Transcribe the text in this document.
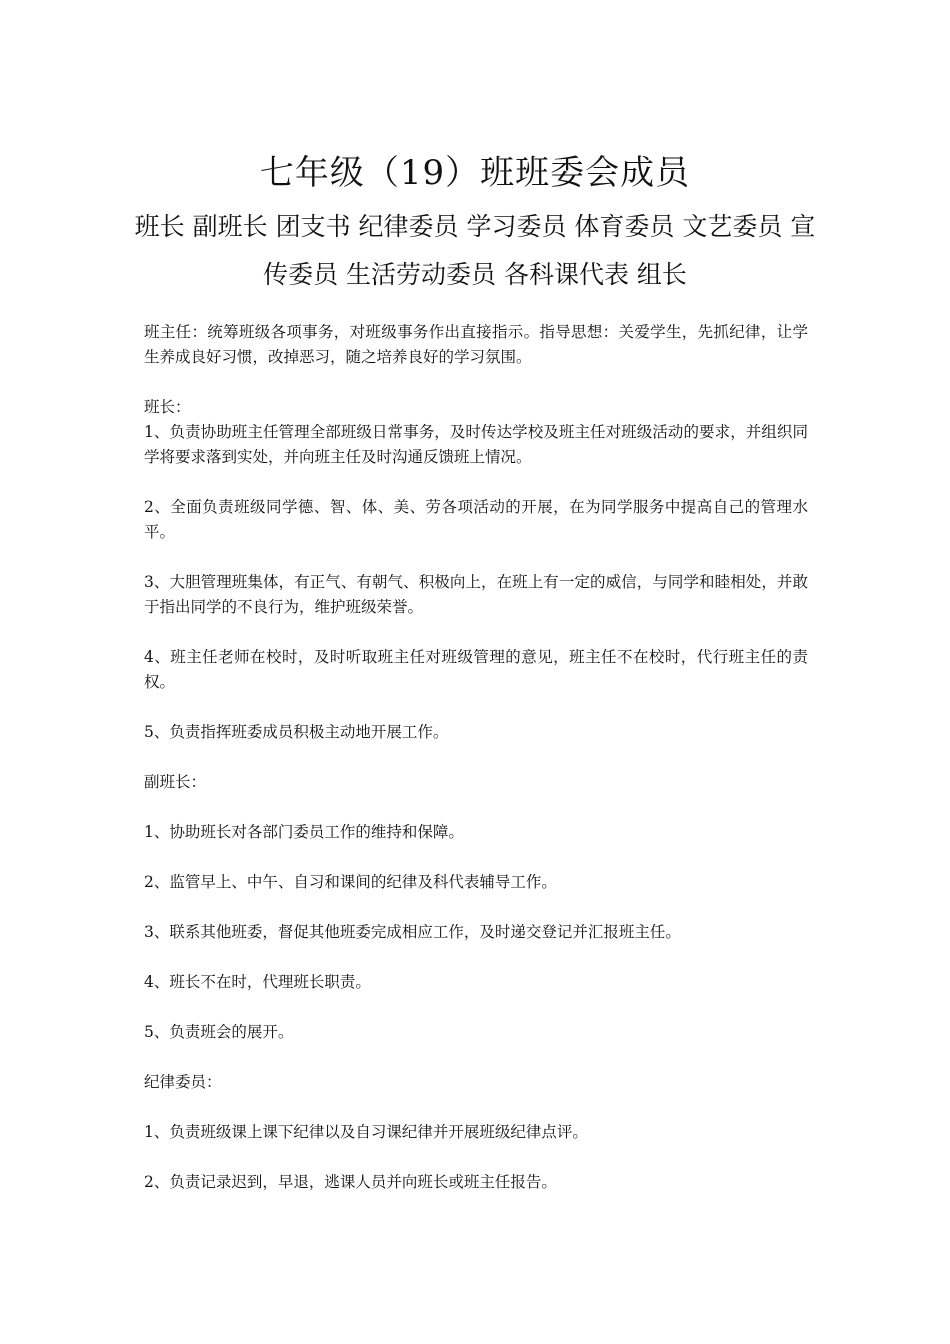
七年级（19）班班委会成员
班长 副班长 团支书 纪律委员 学习委员 体育委员 文艺委员 宣传委员 生活劳动委员 各科课代表 组长

班主任：统筹班级各项事务，对班级事务作出直接指示。指导思想：关爱学生，先抓纪律，让学生养成良好习惯，改掉恶习，随之培养良好的学习氛围。

班长：

1、负责协助班主任管理全部班级日常事务，及时传达学校及班主任对班级活动的要求，并组织同学将要求落到实处，并向班主任及时沟通反馈班上情况。

2、全面负责班级同学德、智、体、美、劳各项活动的开展，在为同学服务中提高自己的管理水平。

3、大胆管理班集体，有正气、有朝气、积极向上，在班上有一定的威信，与同学和睦相处，并敢于指出同学的不良行为，维护班级荣誉。

4、班主任老师在校时，及时听取班主任对班级管理的意见，班主任不在校时，代行班主任的责权。

5、负责指挥班委成员积极主动地开展工作。

副班长：

1、协助班长对各部门委员工作的维持和保障。

2、监管早上、中午、自习和课间的纪律及科代表辅导工作。

3、联系其他班委，督促其他班委完成相应工作，及时递交登记并汇报班主任。

4、班长不在时，代理班长职责。

5、负责班会的展开。

纪律委员：

1、负责班级课上课下纪律以及自习课纪律并开展班级纪律点评。

2、负责记录迟到，早退，逃课人员并向班长或班主任报告。
